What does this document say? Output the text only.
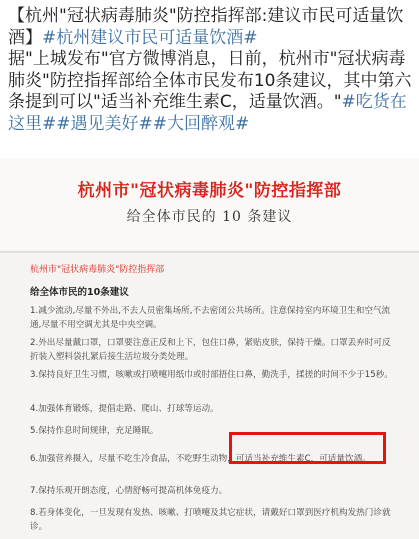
【杭州"冠状病毒肺炎"防控指挥部:建议市民可适量饮酒】#杭州建议市民可适量饮酒#
据"上城发布"官方微博消息，日前，杭州市"冠状病毒肺炎"防控指挥部给全体市民发布10条建议，其中第六条提到可以"适当补充维生素C，适量饮酒。"#吃货在这里##遇见美好##大回醉观#
杭州市"冠状病毒肺炎"防控指挥部
给全体市民的 10 条建议
杭州市"冠状病毒肺炎"防控指挥部
给全体市民的10条建议
1.减少流动,尽量不外出,不去人员密集场所,不去密闭公共场所。注意保持室内环境卫生和空气流通,尽量不用空调尤其是中央空调。
2.外出尽量戴口罩，口罩要注意正反和上下，包住口鼻，紧贴皮肤，保持干燥。口罩丢弃时可反折装入塑料袋扎紧后接生活垃圾分类处理。
3.保持良好卫生习惯，咳嗽或打喷嚏用纸巾或肘部捂住口鼻，勤洗手，揉搓的时间不少于15秒。
4.加强体育锻炼，提倡走路、爬山、打球等运动。
5.保持作息时间规律，充足睡眠。
6.加强营养摄入，尽量不吃生冷食品，不吃野生动物，可适当补充维生素C，可适量饮酒。
7.保持乐观开朗态度，心情舒畅可提高机体免疫力。
8.若身体变化，一旦发现有发热、咳嗽、打喷嚏及其它症状，请戴好口罩到医疗机构发热门诊就诊。
